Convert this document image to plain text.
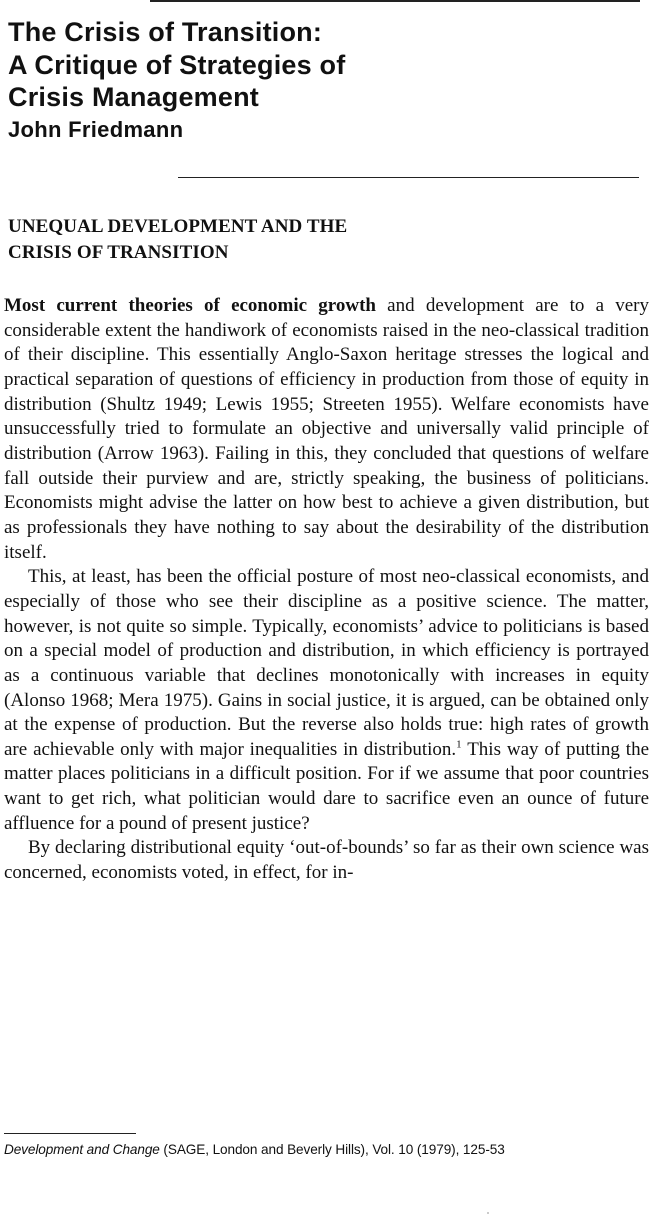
The Crisis of Transition:
A Critique of Strategies of
Crisis Management
John Friedmann
UNEQUAL DEVELOPMENT AND THE
CRISIS OF TRANSITION

Most current theories of economic growth and development are to a very considerable extent the handiwork of economists raised in the neo-classical tradition of their discipline. This essentially Anglo-Saxon heritage stresses the logical and practical separation of questions of efficiency in production from those of equity in distribution (Shultz 1949; Lewis 1955; Streeten 1955). Welfare economists have unsuccessfully tried to formulate an objective and universally valid principle of distribution (Arrow 1963). Failing in this, they concluded that questions of welfare fall outside their purview and are, strictly speaking, the business of politicians. Economists might advise the latter on how best to achieve a given distribution, but as professionals they have nothing to say about the desirability of the distribution itself.

This, at least, has been the official posture of most neo-classical economists, and especially of those who see their discipline as a positive science. The matter, however, is not quite so simple. Typically, economists’ advice to politicians is based on a special model of production and distribution, in which efficiency is portrayed as a continuous variable that declines monotonically with increases in equity (Alonso 1968; Mera 1975). Gains in social justice, it is argued, can be obtained only at the expense of production. But the reverse also holds true: high rates of growth are achievable only with major inequalities in distribution.$^1$ This way of putting the matter places politicians in a difficult position. For if we assume that poor countries want to get rich, what politician would dare to sacrifice even an ounce of future affluence for a pound of present justice?

By declaring distributional equity ‘out-of-bounds’ so far as their own science was concerned, economists voted, in effect, for in-

Development and Change (SAGE, London and Beverly Hills), Vol. 10 (1979), 125-53
